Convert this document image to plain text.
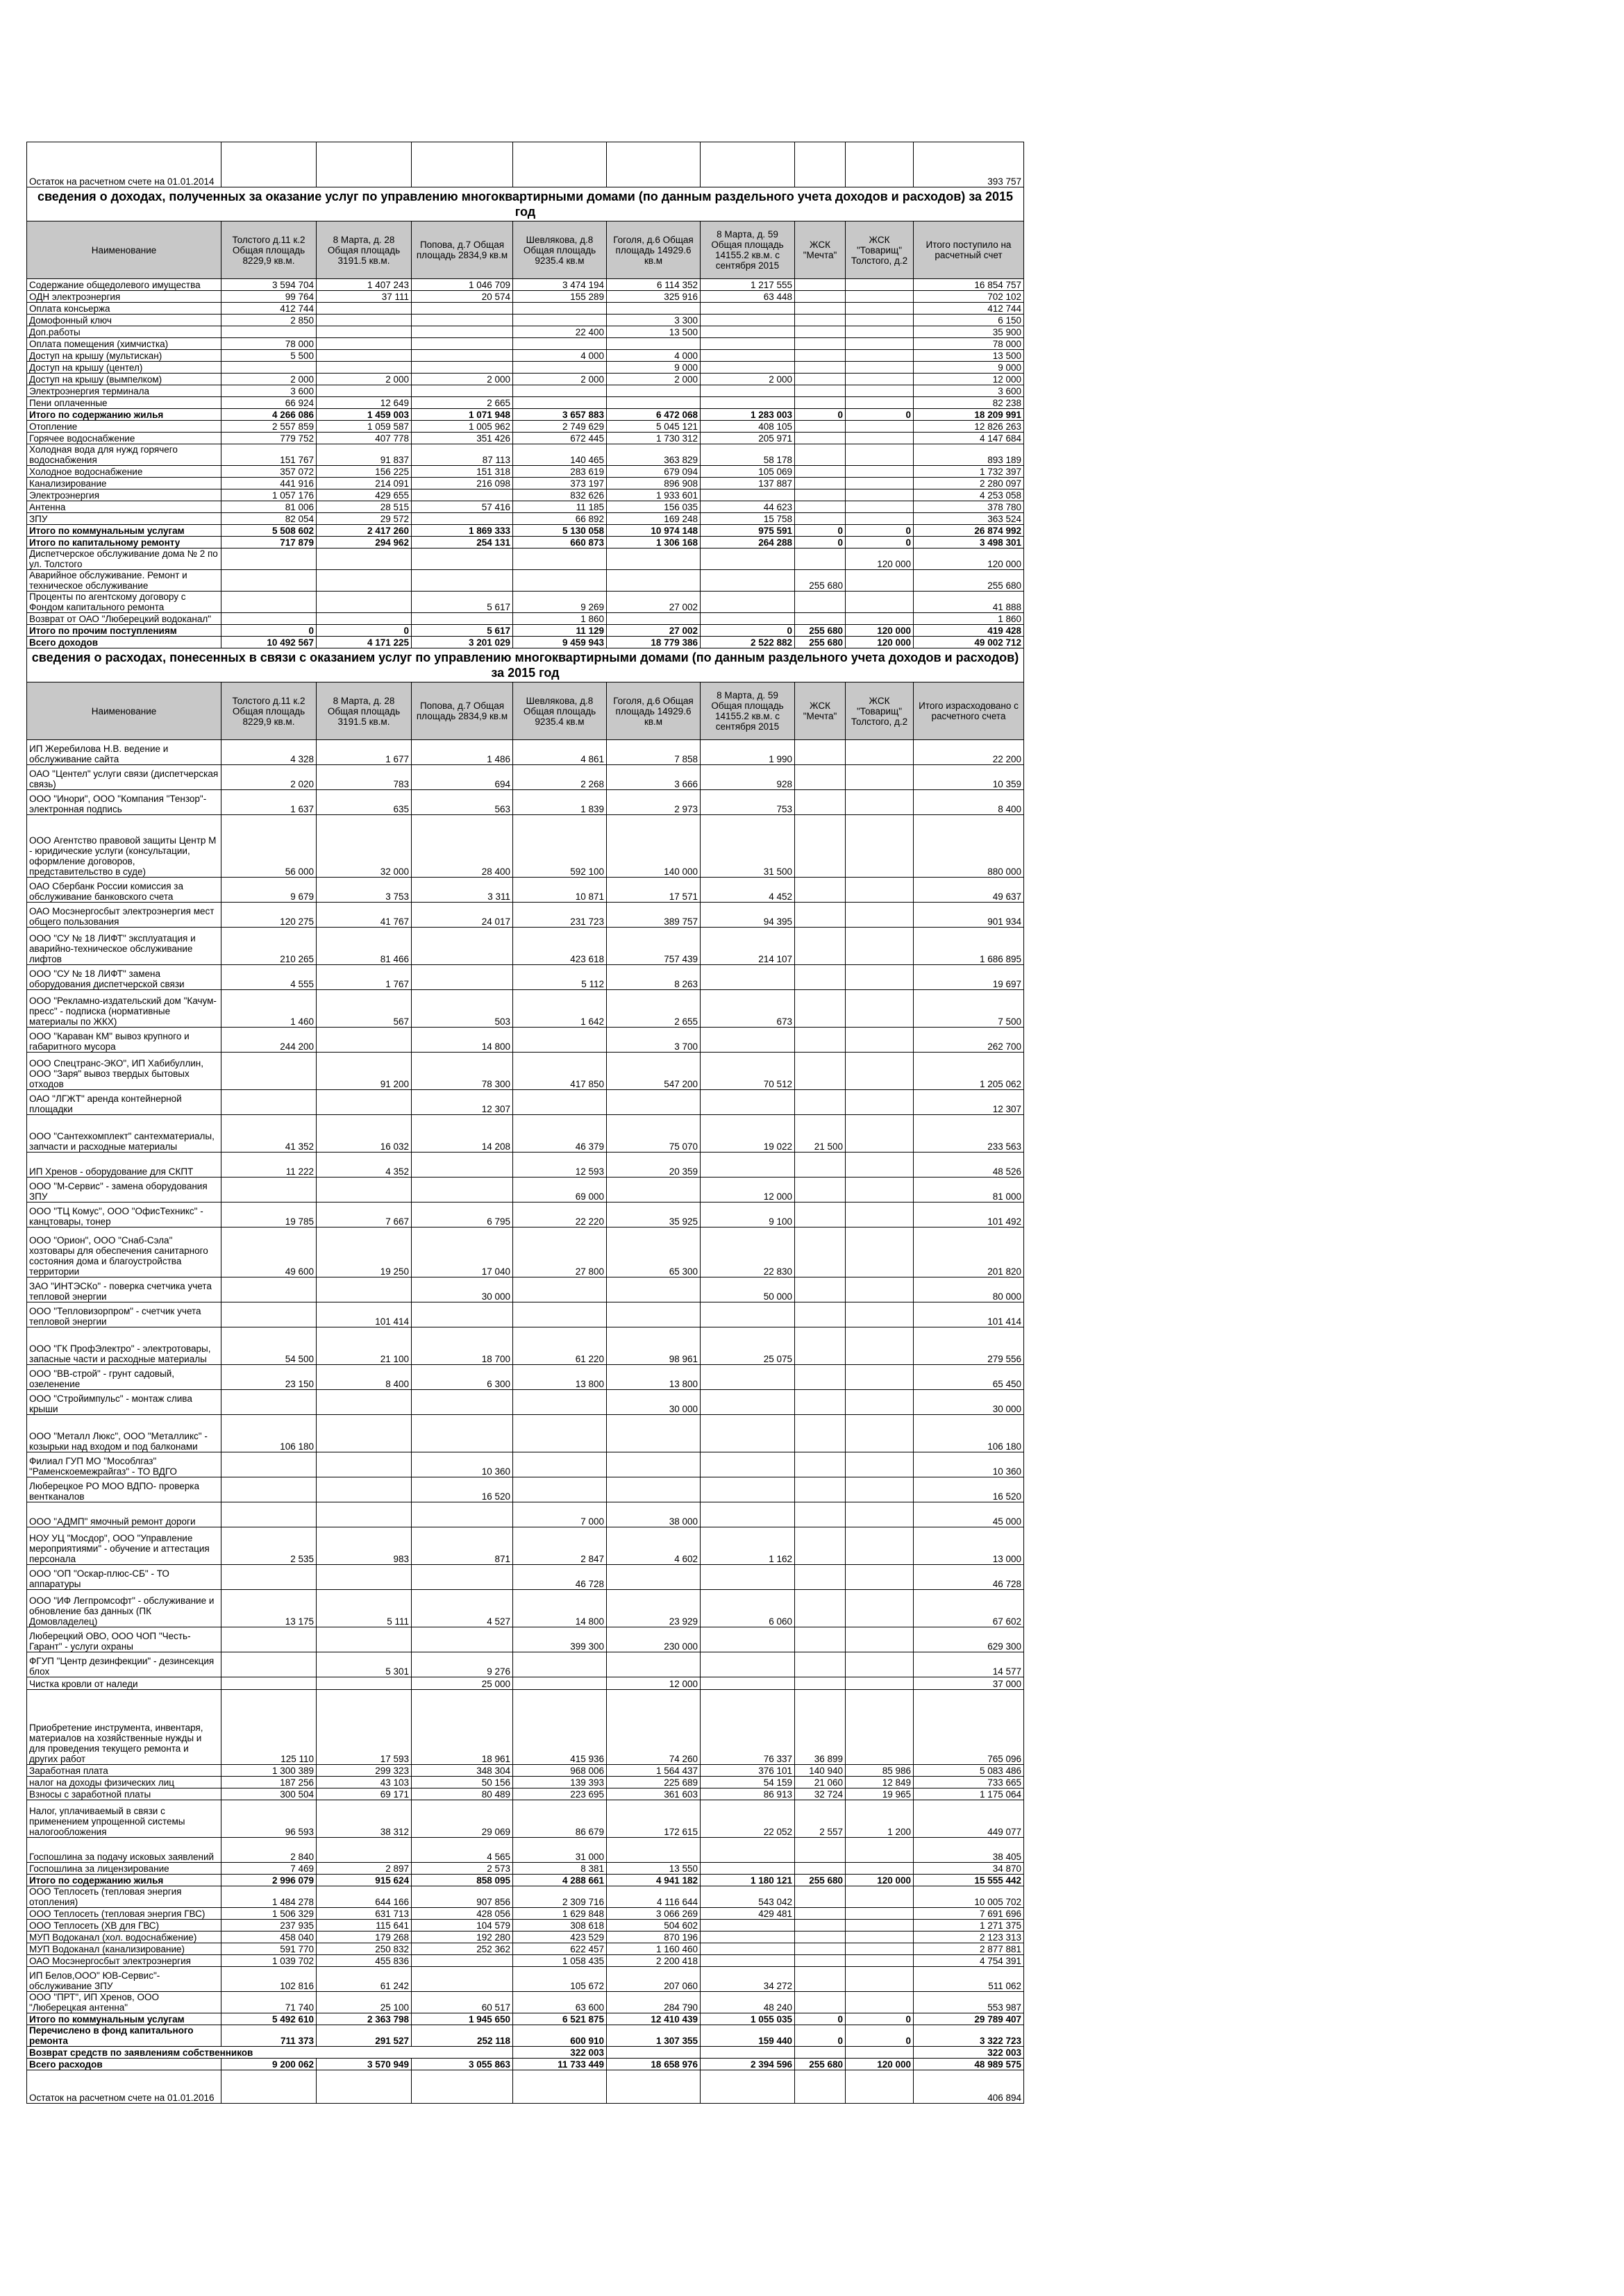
Остаток на расчетном счете на 01.01.2014									393 757
сведения о доходах, полученных за оказание услуг по управлению многоквартирными домами (по данным раздельного учета доходов и расходов) за 2015 год									
Наименование	Толстого д.11 к.2 Общая площадь 8229,9 кв.м.	8 Марта, д. 28 Общая площадь 3191.5 кв.м.	Попова, д.7 Общая площадь 2834,9 кв.м	Шевлякова, д.8 Общая площадь 9235.4 кв.м	Гоголя, д.6 Общая площадь 14929.6 кв.м	8 Марта, д. 59 Общая площадь 14155.2 кв.м. с сентября 2015	ЖСК "Мечта"	ЖСК "Товарищ" Толстого, д.2	Итого поступило на расчетный счет
Содержание общедолевого имущества	3 594 704	1 407 243	1 046 709	3 474 194	6 114 352	1 217 555			16 854 757
ОДН электроэнергия	99 764	37 111	20 574	155 289	325 916	63 448			702 102
Оплата консьержа	412 744								412 744
Домофонный ключ	2 850				3 300				6 150
Доп.работы				22 400	13 500				35 900
Оплата помещения (химчистка)	78 000								78 000
Доступ на крышу (мультискан)	5 500			4 000	4 000				13 500
Доступ на крышу (центел)					9 000				9 000
Доступ на крышу (вымпелком)	2 000	2 000	2 000	2 000	2 000	2 000			12 000
Электроэнергия терминала	3 600								3 600
Пени оплаченные	66 924	12 649	2 665						82 238
Итого по содержанию жилья	4 266 086	1 459 003	1 071 948	3 657 883	6 472 068	1 283 003	0	0	18 209 991
Отопление	2 557 859	1 059 587	1 005 962	2 749 629	5 045 121	408 105			12 826 263
Горячее водоснабжение	779 752	407 778	351 426	672 445	1 730 312	205 971			4 147 684
Холодная вода для нужд горячего водоснабжения	151 767	91 837	87 113	140 465	363 829	58 178			893 189
Холодное водоснабжение	357 072	156 225	151 318	283 619	679 094	105 069			1 732 397
Канализирование	441 916	214 091	216 098	373 197	896 908	137 887			2 280 097
Электроэнергия	1 057 176	429 655		832 626	1 933 601				4 253 058
Антенна	81 006	28 515	57 416	11 185	156 035	44 623			378 780
ЗПУ	82 054	29 572		66 892	169 248	15 758			363 524
Итого по коммунальным услугам	5 508 602	2 417 260	1 869 333	5 130 058	10 974 148	975 591	0	0	26 874 992
Итого по капитальному ремонту	717 879	294 962	254 131	660 873	1 306 168	264 288	0	0	3 498 301
Диспетчерское обслуживание дома № 2 по ул. Толстого								120 000	120 000
Аварийное обслуживание. Ремонт и техническое обслуживание							255 680		255 680
Проценты по агентскому договору с Фондом капитального ремонта			5 617	9 269	27 002				41 888
Возврат от ОАО "Люберецкий водоканал"				1 860					1 860
Итого по прочим поступлениям	0	0	5 617	11 129	27 002	0	255 680	120 000	419 428
Всего доходов	10 492 567	4 171 225	3 201 029	9 459 943	18 779 386	2 522 882	255 680	120 000	49 002 712
сведения о расходах, понесенных в связи с оказанием услуг по управлению многоквартирными домами (по данным раздельного учета доходов и расходов) за 2015 год									
Наименование	Толстого д.11 к.2 Общая площадь 8229,9 кв.м.	8 Марта, д. 28 Общая площадь 3191.5 кв.м.	Попова, д.7 Общая площадь 2834,9 кв.м	Шевлякова, д.8 Общая площадь 9235.4 кв.м	Гоголя, д.6 Общая площадь 14929.6 кв.м	8 Марта, д. 59 Общая площадь 14155.2 кв.м. с сентября 2015	ЖСК "Мечта"	ЖСК "Товарищ" Толстого, д.2	Итого израсходовано с расчетного счета
ИП Жеребилова Н.В. ведение и обслуживание сайта	4 328	1 677	1 486	4 861	7 858	1 990			22 200
ОАО "Центел" услуги связи (диспетчерская связь)	2 020	783	694	2 268	3 666	928			10 359
ООО "Инори", ООО "Компания "Тензор"- электронная подпись	1 637	635	563	1 839	2 973	753			8 400
ООО Агентство правовой защиты Центр М - юридические услуги (консультации, оформление договоров, представительство в суде)	56 000	32 000	28 400	592 100	140 000	31 500			880 000
ОАО Сбербанк России комиссия за обслуживание банковского счета	9 679	3 753	3 311	10 871	17 571	4 452			49 637
ОАО Мосэнергосбыт электроэнергия мест общего пользования	120 275	41 767	24 017	231 723	389 757	94 395			901 934
ООО "СУ № 18 ЛИФТ" эксплуатация и аварийно-техническое обслуживание лифтов	210 265	81 466		423 618	757 439	214 107			1 686 895
ООО "СУ № 18 ЛИФТ" замена оборудования диспетчерской связи	4 555	1 767		5 112	8 263				19 697
ООО "Рекламно-издательский дом "Качум-пресс" - подписка (нормативные материалы по ЖКХ)	1 460	567	503	1 642	2 655	673			7 500
ООО "Караван КМ" вывоз крупного и габаритного мусора	244 200		14 800		3 700				262 700
ООО Спецтранс-ЭКО", ИП Хабибуллин, ООО "Заря" вывоз твердых бытовых отходов		91 200	78 300	417 850	547 200	70 512			1 205 062
ОАО "ЛГЖТ" аренда контейнерной площадки			12 307						12 307
ООО "Сантехкомплект" сантехматериалы, запчасти и расходные материалы	41 352	16 032	14 208	46 379	75 070	19 022	21 500		233 563
ИП Хренов - оборудование для СКПТ	11 222	4 352		12 593	20 359				48 526
ООО "М-Сервис" - замена оборудования ЗПУ				69 000		12 000			81 000
ООО "ТЦ Комус", ООО "ОфисТехникс" - канцтовары, тонер	19 785	7 667	6 795	22 220	35 925	9 100			101 492
ООО "Орион", ООО "Снаб-Сэла" хозтовары для обеспечения санитарного состояния дома и благоустройства территории	49 600	19 250	17 040	27 800	65 300	22 830			201 820
ЗАО "ИНТЭСКо" - поверка счетчика учета тепловой энергии			30 000			50 000			80 000
ООО "Тепловизорпром" - счетчик учета тепловой энергии		101 414							101 414
ООО "ГК ПрофЭлектро" - электротовары, запасные части и расходные материалы	54 500	21 100	18 700	61 220	98 961	25 075			279 556
ООО "ВВ-строй" - грунт садовый, озеленение	23 150	8 400	6 300	13 800	13 800				65 450
ООО "Стройимпульс" - монтаж слива крыши					30 000				30 000
ООО "Металл Люкс", ООО "Металликс" - козырьки над входом и под балконами	106 180								106 180
Филиал ГУП МО "Мособлгаз" "Раменскоемежрайгаз" - ТО ВДГО			10 360						10 360
Люберецкое РО МОО ВДПО- проверка вентканалов			16 520						16 520
ООО "АДМП" ямочный ремонт дороги				7 000	38 000				45 000
НОУ УЦ "Мосдор", ООО "Управление мероприятиями" - обучение и аттестация персонала	2 535	983	871	2 847	4 602	1 162			13 000
ООО "ОП "Оскар-плюс-СБ" - ТО аппаратуры				46 728					46 728
ООО "ИФ Легпромсофт" - обслуживание и обновление баз данных (ПК Домовладелец)	13 175	5 111	4 527	14 800	23 929	6 060			67 602
Люберецкий ОВО, ООО ЧОП "Честь-Гарант" - услуги охраны				399 300	230 000				629 300
ФГУП "Центр дезинфекции" - дезинсекция блох		5 301	9 276						14 577
Чистка кровли от наледи			25 000		12 000				37 000
Приобретение инструмента, инвентаря, материалов на хозяйственные нужды и для проведения текущего ремонта и других работ	125 110	17 593	18 961	415 936	74 260	76 337	36 899		765 096
Заработная плата	1 300 389	299 323	348 304	968 006	1 564 437	376 101	140 940	85 986	5 083 486
налог на доходы физических лиц	187 256	43 103	50 156	139 393	225 689	54 159	21 060	12 849	733 665
Взносы с заработной платы	300 504	69 171	80 489	223 695	361 603	86 913	32 724	19 965	1 175 064
Налог, уплачиваемый в связи с применением упрощенной системы налогообложения	96 593	38 312	29 069	86 679	172 615	22 052	2 557	1 200	449 077
Госпошлина за подачу исковых заявлений	2 840		4 565	31 000					38 405
Госпошлина за лицензирование	7 469	2 897	2 573	8 381	13 550				34 870
Итого по содержанию жилья	2 996 079	915 624	858 095	4 288 661	4 941 182	1 180 121	255 680	120 000	15 555 442
ООО Теплосеть (тепловая энергия отопления)	1 484 278	644 166	907 856	2 309 716	4 116 644	543 042			10 005 702
ООО Теплосеть (тепловая энергия ГВС)	1 506 329	631 713	428 056	1 629 848	3 066 269	429 481			7 691 696
ООО Теплосеть (ХВ для ГВС)	237 935	115 641	104 579	308 618	504 602				1 271 375
МУП Водоканал (хол. водоснабжение)	458 040	179 268	192 280	423 529	870 196				2 123 313
МУП Водоканал (канализирование)	591 770	250 832	252 362	622 457	1 160 460				2 877 881
ОАО Мосэнергосбыт электроэнергия	1 039 702	455 836		1 058 435	2 200 418				4 754 391
ИП Белов,ООО" ЮВ-Сервис"- обслуживание ЗПУ	102 816	61 242		105 672	207 060	34 272			511 062
ООО "ПРТ", ИП Хренов, ООО "Люберецкая антенна"	71 740	25 100	60 517	63 600	284 790	48 240			553 987
Итого по коммунальным услугам	5 492 610	2 363 798	1 945 650	6 521 875	12 410 439	1 055 035	0	0	29 789 407
Перечислено в фонд капитального ремонта	711 373	291 527	252 118	600 910	1 307 355	159 440	0	0	3 322 723
Возврат средств по заявлениям собственников				322 003					322 003
Всего расходов	9 200 062	3 570 949	3 055 863	11 733 449	18 658 976	2 394 596	255 680	120 000	48 989 575
Остаток на расчетном счете на 01.01.2016									406 894
